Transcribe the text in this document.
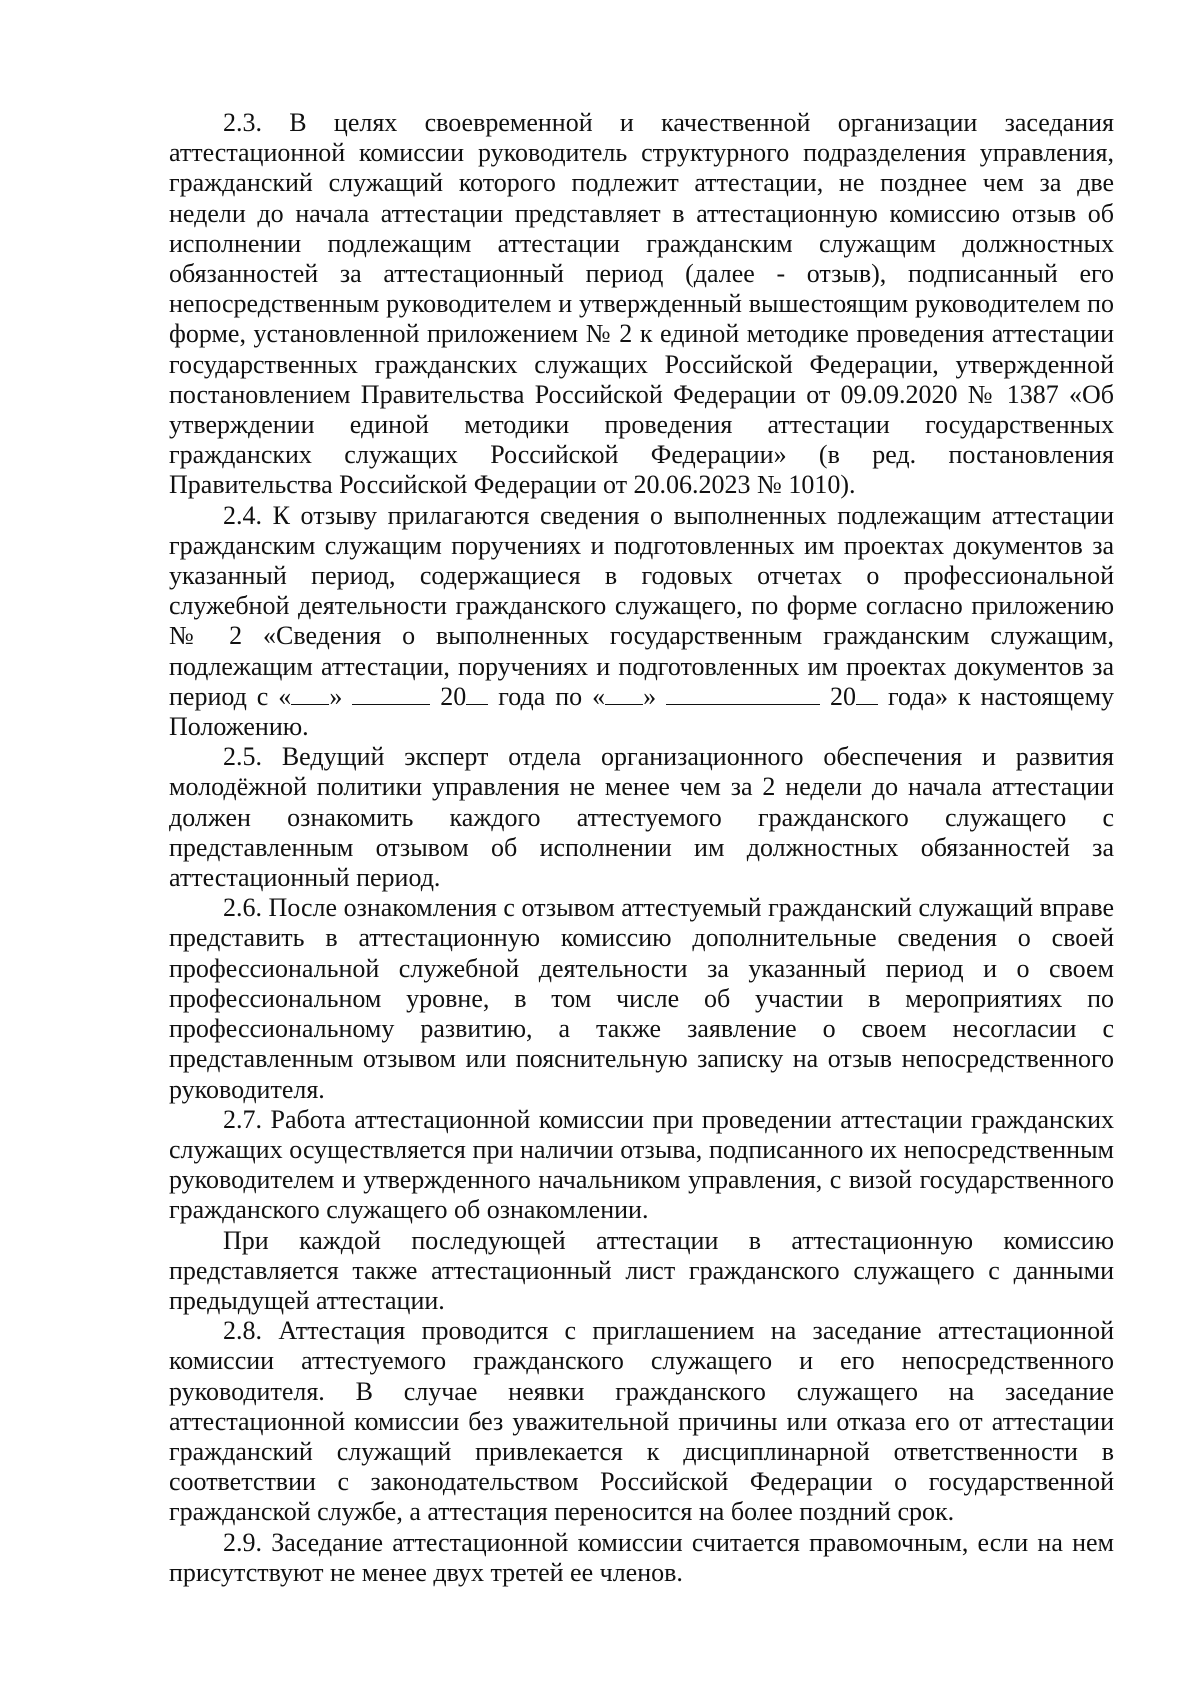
2.3. В целях своевременной и качественной организации заседания аттестационной комиссии руководитель структурного подразделения управления, гражданский служащий которого подлежит аттестации, не позднее чем за две недели до начала аттестации представляет в аттестационную комиссию отзыв об исполнении подлежащим аттестации гражданским служащим должностных обязанностей за аттестационный период (далее - отзыв), подписанный его непосредственным руководителем и утвержденный вышестоящим руководителем по форме, установленной приложением № 2 к единой методике проведения аттестации государственных гражданских служащих Российской Федерации, утвержденной постановлением Правительства Российской Федерации от 09.09.2020 № 1387 «Об утверждении единой методики проведения аттестации государственных гражданских служащих Российской Федерации» (в ред. постановления Правительства Российской Федерации от 20.06.2023 № 1010).

2.4. К отзыву прилагаются сведения о выполненных подлежащим аттестации гражданским служащим поручениях и подготовленных им проектах документов за указанный период, содержащиеся в годовых отчетах о профессиональной служебной деятельности гражданского служащего, по форме согласно приложению № 2 «Сведения о выполненных государственным гражданским служащим, подлежащим аттестации, поручениях и подготовленных им проектах документов за период с « »	20 года по « »	20 года» к настоящему Положению.

2.5. Ведущий эксперт отдела организационного обеспечения и развития молодёжной политики управления не менее чем за 2 недели до начала аттестации должен ознакомить каждого аттестуемого гражданского служащего с представленным отзывом об исполнении им должностных обязанностей за аттестационный период.

2.6. После ознакомления с отзывом аттестуемый гражданский служащий вправе представить в аттестационную комиссию дополнительные сведения о своей профессиональной служебной деятельности за указанный период и о своем профессиональном уровне, в том числе об участии в мероприятиях по профессиональному развитию, а также заявление о своем несогласии с представленным отзывом или пояснительную записку на отзыв непосредственного руководителя.

2.7. Работа аттестационной комиссии при проведении аттестации гражданских служащих осуществляется при наличии отзыва, подписанного их непосредственным руководителем и утвержденного начальником управления, с визой государственного гражданского служащего об ознакомлении.

При каждой последующей аттестации в аттестационную комиссию представляется также аттестационный лист гражданского служащего с данными предыдущей аттестации.

2.8. Аттестация проводится с приглашением на заседание аттестационной комиссии аттестуемого гражданского служащего и его непосредственного руководителя. В случае неявки гражданского служащего на заседание аттестационной комиссии без уважительной причины или отказа его от аттестации гражданский служащий привлекается к дисциплинарной ответственности в соответствии с законодательством Российской Федерации о государственной гражданской службе, а аттестация переносится на более поздний срок.

2.9. Заседание аттестационной комиссии считается правомочным, если на нем присутствуют не менее двух третей ее членов.
